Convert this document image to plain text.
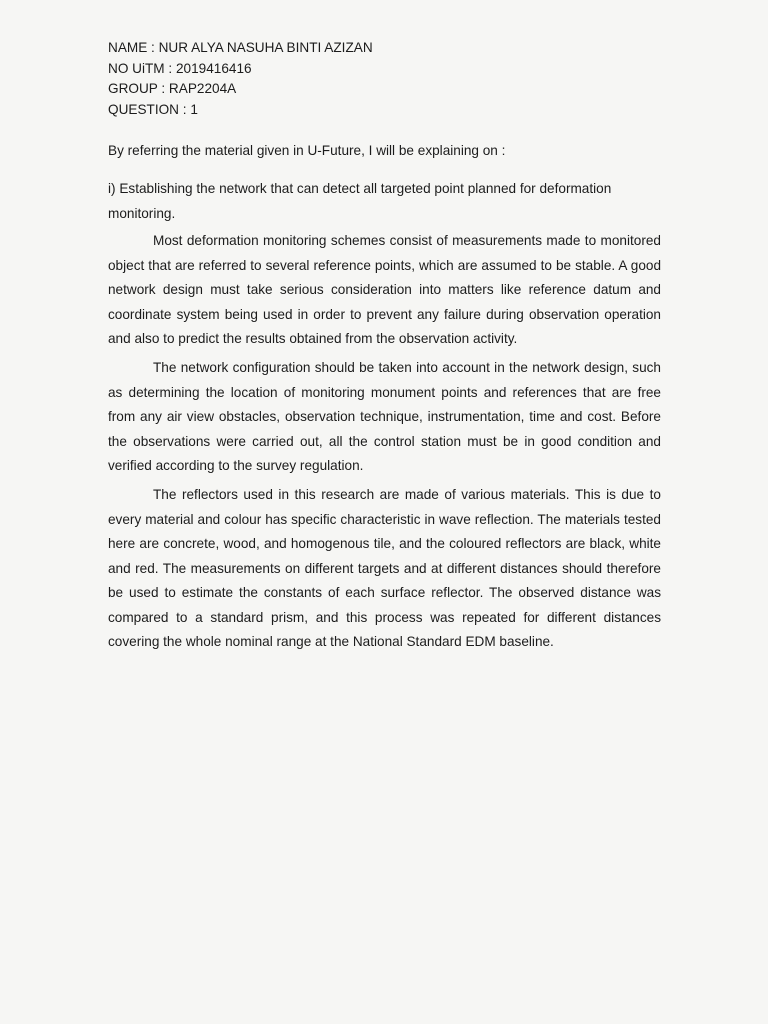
NAME : NUR ALYA NASUHA BINTI AZIZAN
NO UiTM : 2019416416
GROUP : RAP2204A
QUESTION : 1
By referring the material given in U-Future, I will be explaining on :
i) Establishing the network that can detect all targeted point planned for deformation monitoring.

Most deformation monitoring schemes consist of measurements made to monitored object that are referred to several reference points, which are assumed to be stable. A good network design must take serious consideration into matters like reference datum and coordinate system being used in order to prevent any failure during observation operation and also to predict the results obtained from the observation activity.

The network configuration should be taken into account in the network design, such as determining the location of monitoring monument points and references that are free from any air view obstacles, observation technique, instrumentation, time and cost. Before the observations were carried out, all the control station must be in good condition and verified according to the survey regulation.

The reflectors used in this research are made of various materials. This is due to every material and colour has specific characteristic in wave reflection. The materials tested here are concrete, wood, and homogenous tile, and the coloured reflectors are black, white and red. The measurements on different targets and at different distances should therefore be used to estimate the constants of each surface reflector. The observed distance was compared to a standard prism, and this process was repeated for different distances covering the whole nominal range at the National Standard EDM baseline.
